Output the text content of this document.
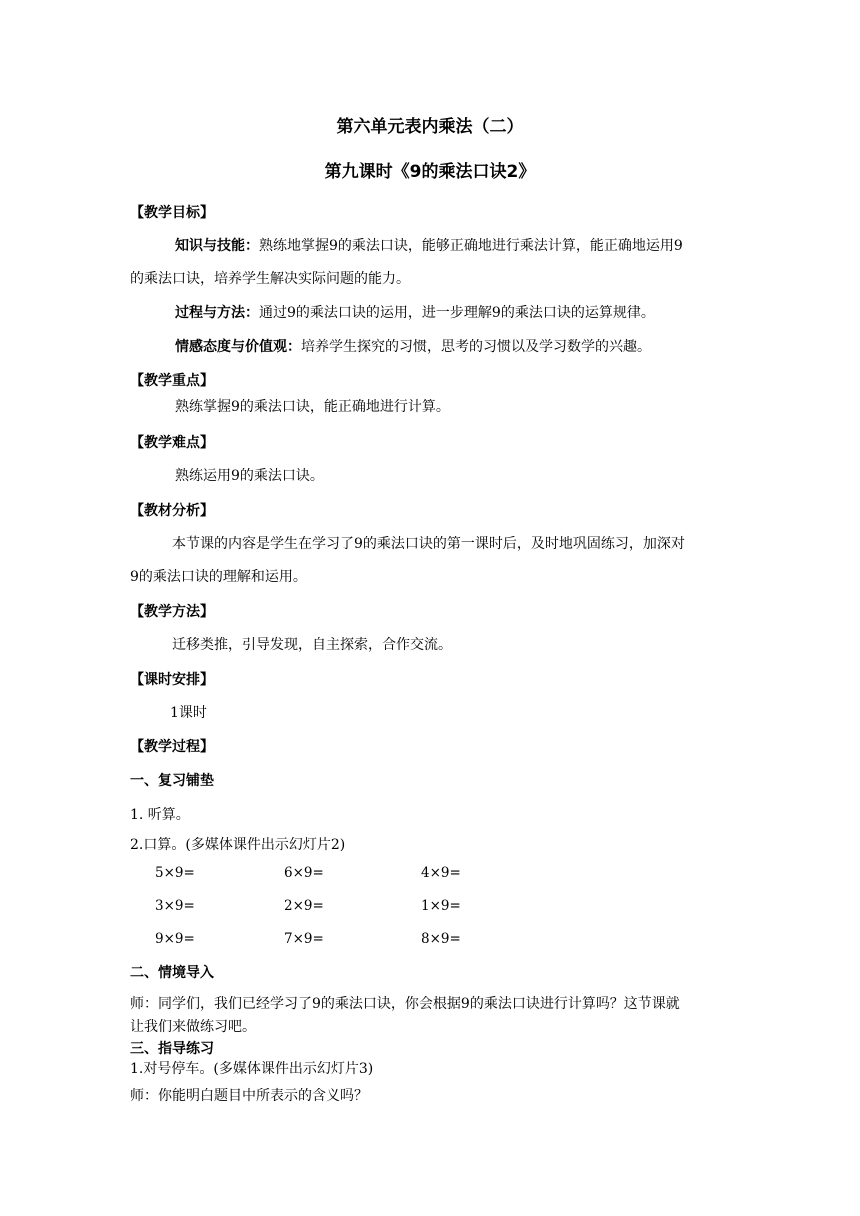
第六单元表内乘法（二）
第九课时《9的乘法口诀2》
【教学目标】
知识与技能：熟练地掌握9的乘法口诀，能够正确地进行乘法计算，能正确地运用9
的乘法口诀，培养学生解决实际问题的能力。
过程与方法：通过9的乘法口诀的运用，进一步理解9的乘法口诀的运算规律。
情感态度与价值观：培养学生探究的习惯，思考的习惯以及学习数学的兴趣。
【教学重点】
熟练掌握9的乘法口诀，能正确地进行计算。
【教学难点】
熟练运用9的乘法口诀。
【教材分析】
本节课的内容是学生在学习了9的乘法口诀的第一课时后，及时地巩固练习，加深对
9的乘法口诀的理解和运用。
【教学方法】
迁移类推，引导发现，自主探索，合作交流。
【课时安排】
1课时
【教学过程】
一、复习铺垫
1. 听算。
2.口算。(多媒体课件出示幻灯片2)
5×9=	6×9=	4×9=
3×9=	2×9=	1×9=
9×9=	7×9=	8×9=
二、情境导入
师：同学们，我们已经学习了9的乘法口诀，你会根据9的乘法口诀进行计算吗？这节课就
让我们来做练习吧。
三、指导练习
1.对号停车。(多媒体课件出示幻灯片3)
师：你能明白题目中所表示的含义吗？
